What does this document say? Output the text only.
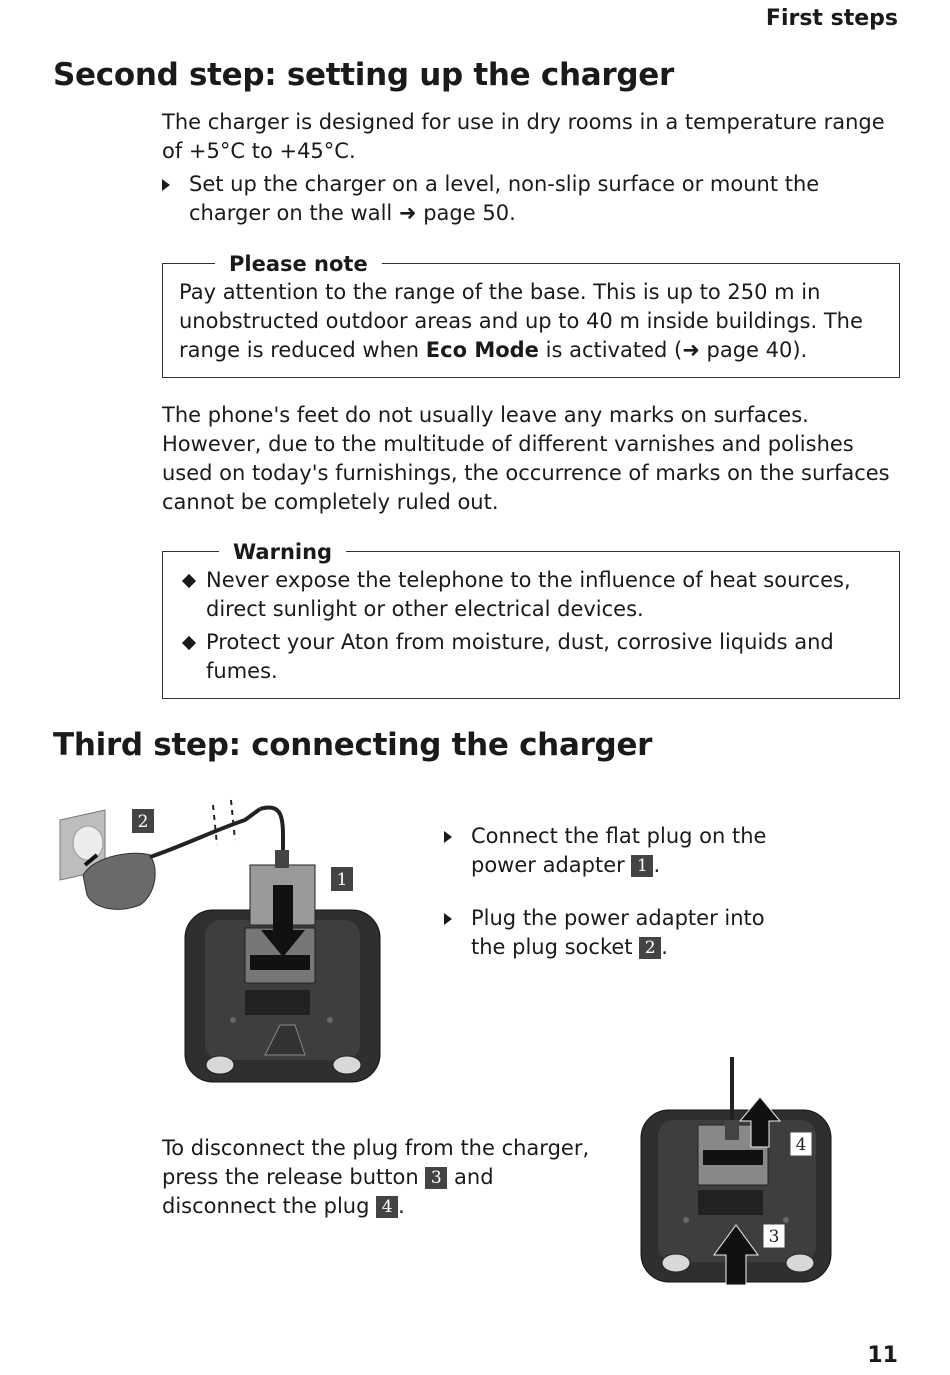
First steps
Second step: setting up the charger
The charger is designed for use in dry rooms in a temperature range of +5°C to +45°C.
Set up the charger on a level, non-slip surface or mount the charger on the wall ➜ page 50.
Please note
Pay attention to the range of the base. This is up to 250 m in unobstructed outdoor areas and up to 40 m inside buildings. The range is reduced when Eco Mode is activated (➜ page 40).
The phone's feet do not usually leave any marks on surfaces. However, due to the multitude of different varnishes and polishes used on today's furnishings, the occurrence of marks on the surfaces cannot be completely ruled out.
Warning
Never expose the telephone to the influence of heat sources, direct sunlight or other electrical devices.
Protect your Aton from moisture, dust, corrosive liquids and fumes.
Third step: connecting the charger
2
1
Connect the flat plug on the power adapter 1 .
Plug the power adapter into the plug socket 2 .
To disconnect the plug from the charger, press the release button 3 and disconnect the plug 4 .
4
3
11
